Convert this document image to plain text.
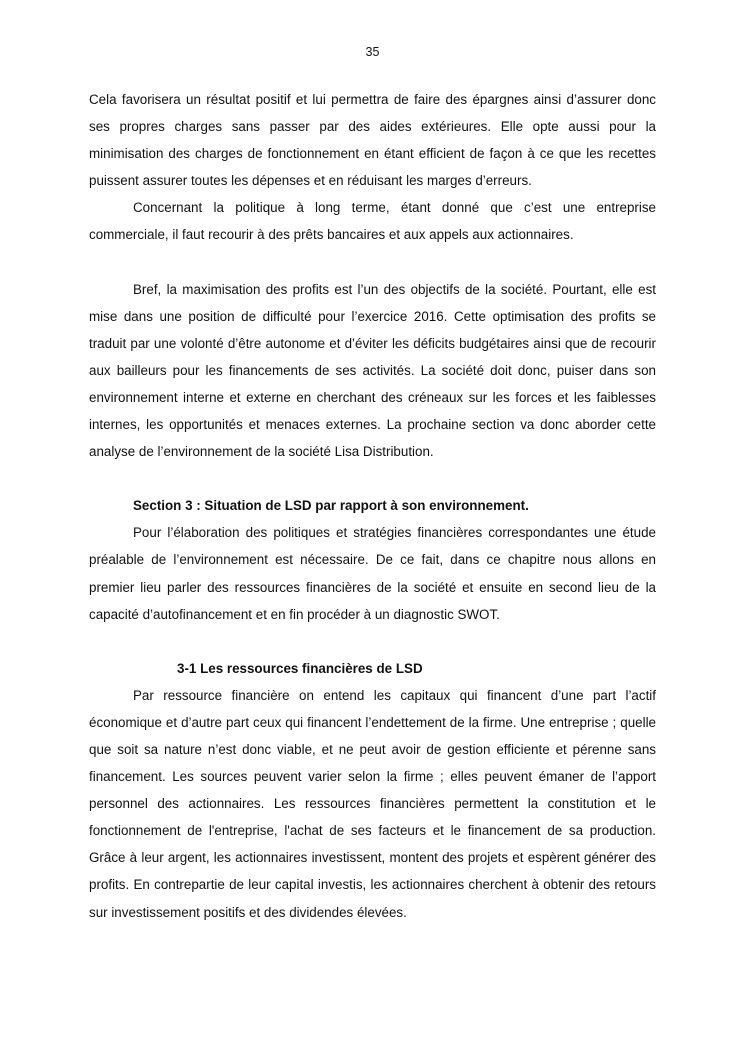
35

Cela favorisera un résultat positif et lui permettra de faire des épargnes ainsi d’assurer donc ses propres charges sans passer par des aides extérieures. Elle opte aussi pour la minimisation des charges de fonctionnement en étant efficient de façon à ce que les recettes puissent assurer toutes les dépenses et en réduisant les marges d’erreurs.

Concernant la politique à long terme, étant donné que c’est une entreprise commerciale, il faut recourir à des prêts bancaires et aux appels aux actionnaires.

Bref, la maximisation des profits est l’un des objectifs de la société. Pourtant, elle est mise dans une position de difficulté pour l’exercice 2016. Cette optimisation des profits se traduit par une volonté d’être autonome et d’éviter les déficits budgétaires ainsi que de recourir aux bailleurs pour les financements de ses activités. La société doit donc, puiser dans son environnement interne et externe en cherchant des créneaux sur les forces et les faiblesses internes, les opportunités et menaces externes. La prochaine section va donc aborder cette analyse de l’environnement de la société Lisa Distribution.

Section 3 : Situation de LSD par rapport à son environnement.

Pour l’élaboration des politiques et stratégies financières correspondantes une étude préalable de l’environnement est nécessaire. De ce fait, dans ce chapitre nous allons en premier lieu parler des ressources financières de la société et ensuite en second lieu de la capacité d’autofinancement et en fin procéder à un diagnostic SWOT.

3-1 Les ressources financières de LSD

Par ressource financière on entend les capitaux qui financent d’une part l’actif économique et d’autre part ceux qui financent l’endettement de la firme. Une entreprise ; quelle que soit sa nature n’est donc viable, et ne peut avoir de gestion efficiente et pérenne sans financement. Les sources peuvent varier selon la firme ; elles peuvent émaner de l’apport personnel des actionnaires. Les ressources financières permettent la constitution et le fonctionnement de l'entreprise, l'achat de ses facteurs et le financement de sa production. Grâce à leur argent, les actionnaires investissent, montent des projets et espèrent générer des profits. En contrepartie de leur capital investis, les actionnaires cherchent à obtenir des retours sur investissement positifs et des dividendes élevées.
